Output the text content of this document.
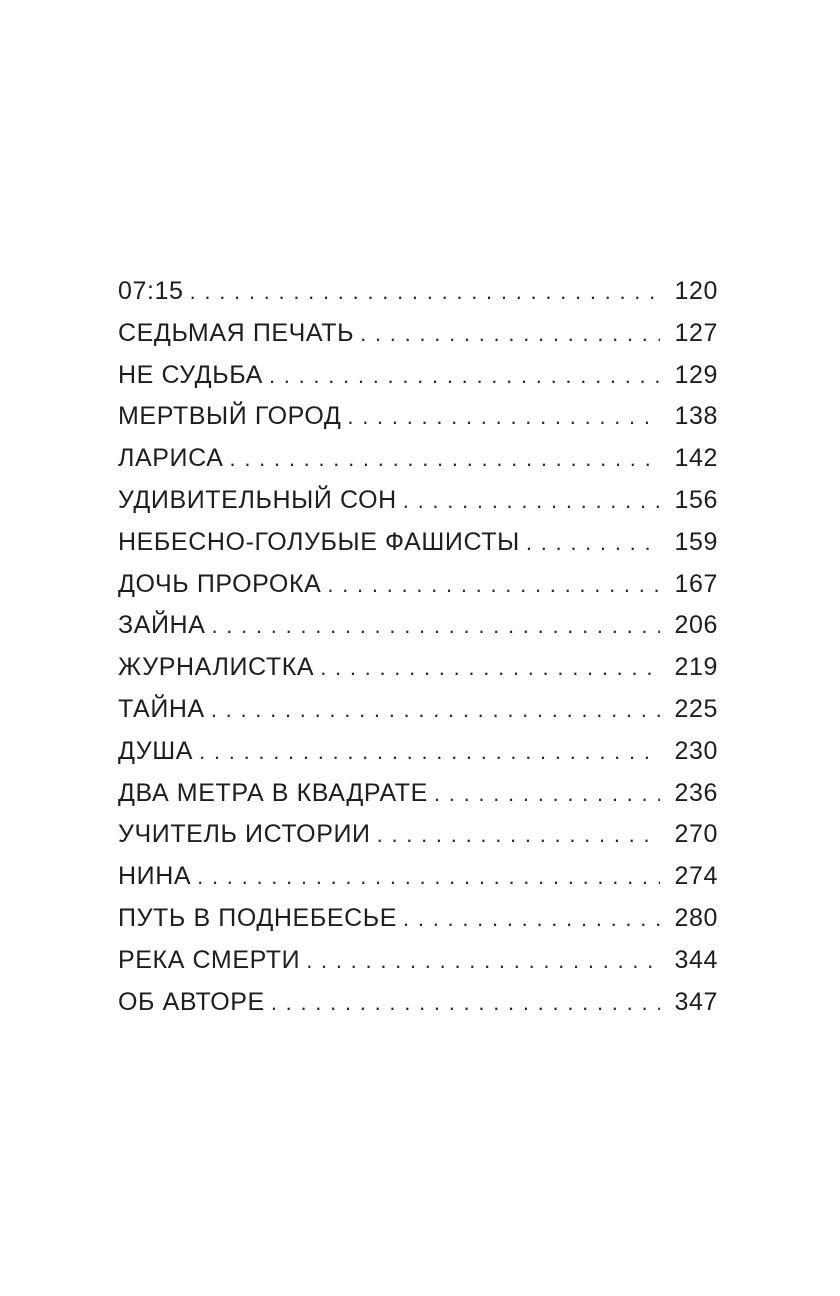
07:15 . . .	120
СЕДЬМАЯ ПЕЧАТЬ . . .	127
НЕ СУДЬБА . . .	129
МЕРТВЫЙ ГОРОД . . .	138
ЛАРИСА . . .	142
УДИВИТЕЛЬНЫЙ СОН . . .	156
НЕБЕСНО-ГОЛУБЫЕ ФАШИСТЫ . . .	159
ДОЧЬ ПРОРОКА . . .	167
ЗАЙНА . . .	206
ЖУРНАЛИСТКА . . .	219
ТАЙНА . . .	225
ДУША . . .	230
ДВА МЕТРА В КВАДРАТЕ . . .	236
УЧИТЕЛЬ ИСТОРИИ . . .	270
НИНА . . .	274
ПУТЬ В ПОДНЕБЕСЬЕ . . .	280
РЕКА СМЕРТИ . . .	344
ОБ АВТОРЕ . . .	347
